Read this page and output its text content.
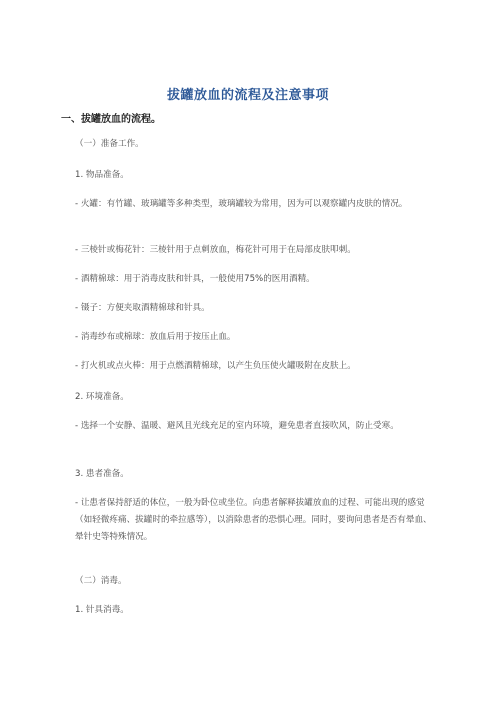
拔罐放血的流程及注意事项
一、拔罐放血的流程。
（一）准备工作。
1. 物品准备。
- 火罐：有竹罐、玻璃罐等多种类型，玻璃罐较为常用，因为可以观察罐内皮肤的情况。
- 三棱针或梅花针：三棱针用于点刺放血，梅花针可用于在局部皮肤叩刺。
- 酒精棉球：用于消毒皮肤和针具，一般使用75%的医用酒精。
- 镊子：方便夹取酒精棉球和针具。
- 消毒纱布或棉球：放血后用于按压止血。
- 打火机或点火棒：用于点燃酒精棉球，以产生负压使火罐吸附在皮肤上。
2. 环境准备。
- 选择一个安静、温暖、避风且光线充足的室内环境，避免患者直接吹风，防止受寒。
3. 患者准备。
- 让患者保持舒适的体位，一般为卧位或坐位。向患者解释拔罐放血的过程、可能出现的感觉（如轻微疼痛、拔罐时的牵拉感等），以消除患者的恐惧心理。同时，要询问患者是否有晕血、晕针史等特殊情况。
（二）消毒。
1. 针具消毒。
